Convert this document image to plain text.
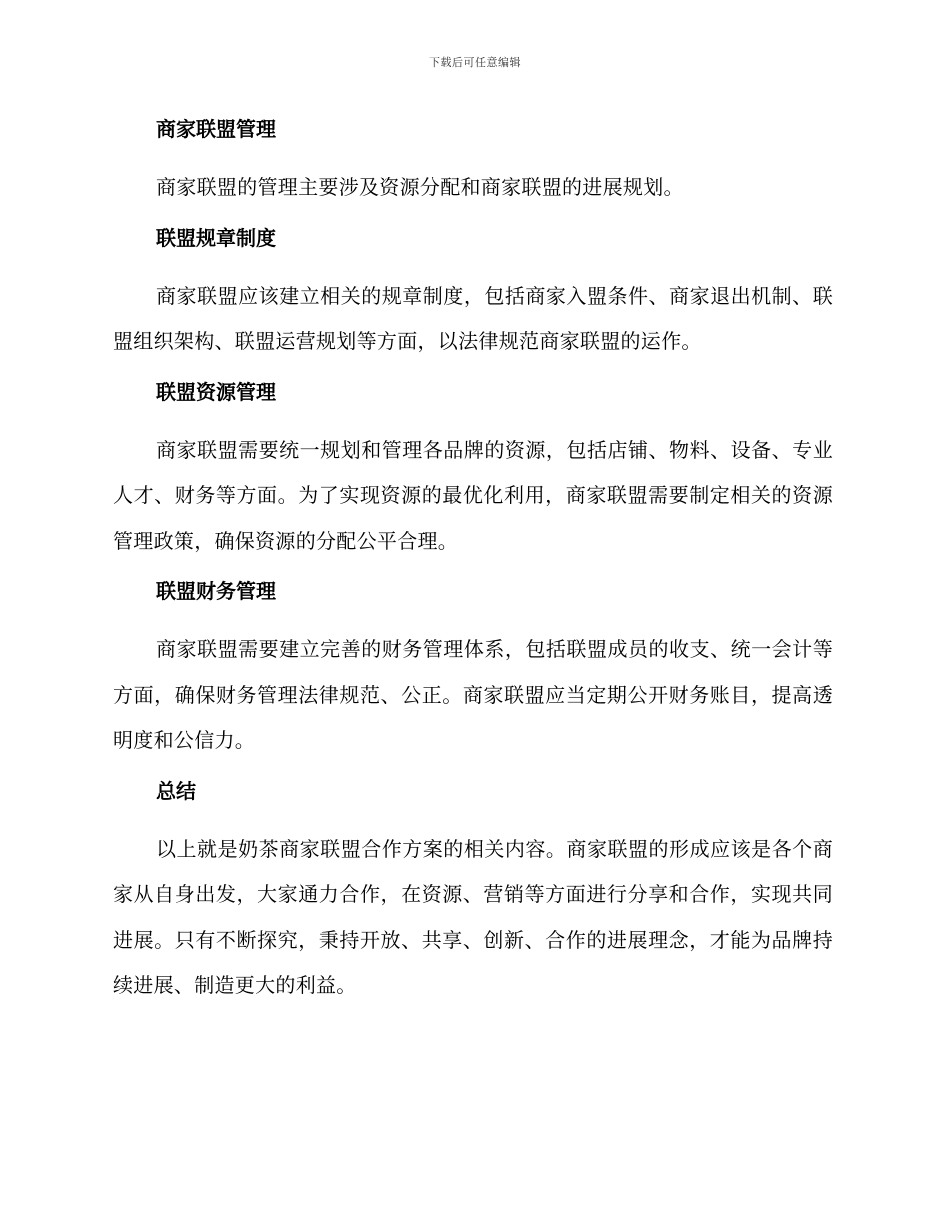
下载后可任意编辑
商家联盟管理

商家联盟的管理主要涉及资源分配和商家联盟的进展规划。

联盟规章制度

商家联盟应该建立相关的规章制度，包括商家入盟条件、商家退出机制、联盟组织架构、联盟运营规划等方面，以法律规范商家联盟的运作。

联盟资源管理

商家联盟需要统一规划和管理各品牌的资源，包括店铺、物料、设备、专业人才、财务等方面。为了实现资源的最优化利用，商家联盟需要制定相关的资源管理政策，确保资源的分配公平合理。

联盟财务管理

商家联盟需要建立完善的财务管理体系，包括联盟成员的收支、统一会计等方面，确保财务管理法律规范、公正。商家联盟应当定期公开财务账目，提高透明度和公信力。

总结

以上就是奶茶商家联盟合作方案的相关内容。商家联盟的形成应该是各个商家从自身出发，大家通力合作，在资源、营销等方面进行分享和合作，实现共同进展。只有不断探究，秉持开放、共享、创新、合作的进展理念，才能为品牌持续进展、制造更大的利益。
